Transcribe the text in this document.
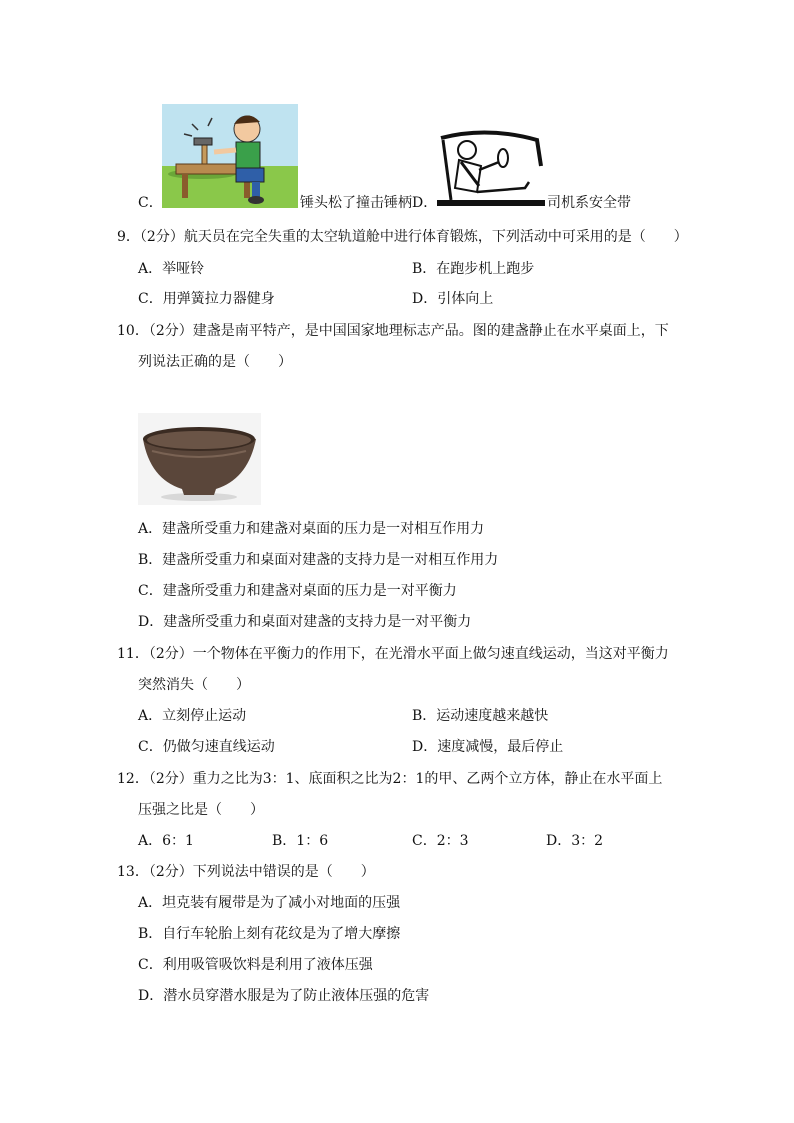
C．	锤头松了撞击锤柄 D．	司机系安全带
9．（2分）航天员在完全失重的太空轨道舱中进行体育锻炼，下列活动中可采用的是（　　）
A．举哑铃	B．在跑步机上跑步
C．用弹簧拉力器健身	D．引体向上
10．（2分）建盏是南平特产，是中国国家地理标志产品。图的建盏静止在水平桌面上，下
列说法正确的是（　　）
A．建盏所受重力和建盏对桌面的压力是一对相互作用力
B．建盏所受重力和桌面对建盏的支持力是一对相互作用力
C．建盏所受重力和建盏对桌面的压力是一对平衡力
D．建盏所受重力和桌面对建盏的支持力是一对平衡力
11．（2分）一个物体在平衡力的作用下，在光滑水平面上做匀速直线运动，当这对平衡力
突然消失（　　）
A．立刻停止运动	B．运动速度越来越快
C．仍做匀速直线运动	D．速度减慢，最后停止
12．（2分）重力之比为3：1、底面积之比为2：1的甲、乙两个立方体，静止在水平面上
压强之比是（　　）
A．6：1	B．1：6	C．2：3	D．3：2
13．（2分）下列说法中错误的是（　　）
A．坦克装有履带是为了减小对地面的压强
B．自行车轮胎上刻有花纹是为了增大摩擦
C．利用吸管吸饮料是利用了液体压强
D．潜水员穿潜水服是为了防止液体压强的危害
